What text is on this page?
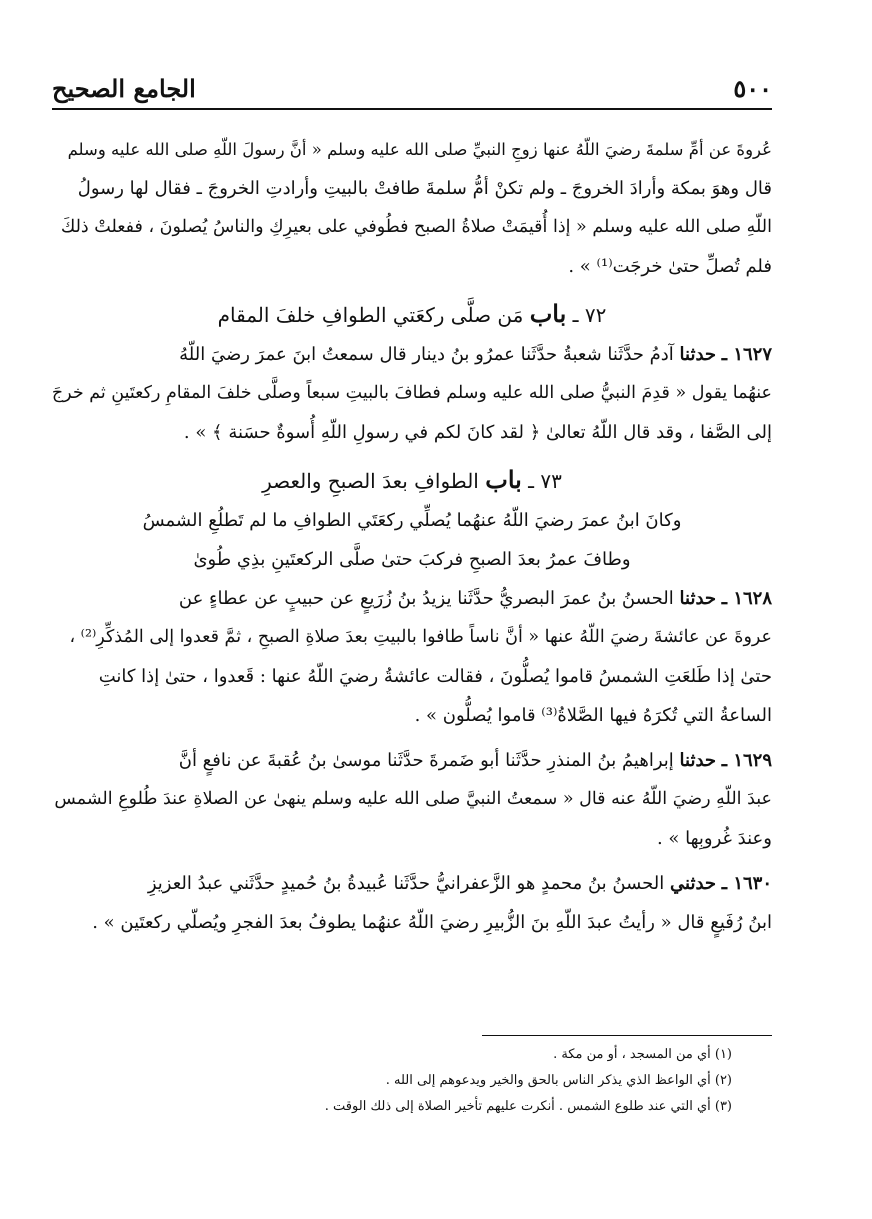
٥٠٠
الجامع الصحيح

عُروةَ عن أمِّ سلمةَ رضيَ اللّهُ عنها زوجِ النبيِّ صلى الله عليه وسلم « أنَّ رسولَ اللّهِ صلى الله عليه وسلم
قال وهوَ بمكة وأرادَ الخروجَ ـ ولم تكنْ أمُّ سلمةَ طافتْ بالبيتِ وأرادتِ الخروجَ ـ فقال لها رسولُ
اللّهِ صلى الله عليه وسلم « إذا أُقيمَتْ صلاةُ الصبح فطُوفي على بعيرِكِ والناسُ يُصلونَ ، ففعلتْ ذلكَ
فلم تُصلِّ حتىٰ خرجَت⁽¹⁾ » .

٧٢ ـ باب مَن صلَّى ركعَتي الطوافِ خلفَ المقام

١٦٢٧ ـ حدثنا آدمُ حدَّثَنا شعبةُ حدَّثَنا عمرُو بنُ دينار قال سمعتُ ابنَ عمرَ رضيَ اللّهُ
عنهُما يقول « قدِمَ النبيُّ صلى الله عليه وسلم فطافَ بالبيتِ سبعاً وصلَّى خلفَ المقامِ ركعتَينِ ثم خرجَ
إلى الصَّفا ، وقد قال اللّهُ تعالىٰ ﴿ لقد كانَ لكم في رسولِ اللّهِ أُسوةٌ حسَنة ﴾ » .

٧٣ ـ باب الطوافِ بعدَ الصبحِ والعصرِ

وكانَ ابنُ عمرَ رضيَ اللّهُ عنهُما يُصلِّي ركعَتَي الطوافِ ما لم تَطلُعِ الشمسُ
وطافَ عمرُ بعدَ الصبحِ فركبَ حتىٰ صلَّى الركعتَينِ بذِي طُوىٰ

١٦٢٨ ـ حدثنا الحسنُ بنُ عمرَ البصريُّ حدَّثَنا يزيدُ بنُ زُرَيعٍ عن حبيبٍ عن عطاءٍ عن
عروةَ عن عائشةَ رضيَ اللّهُ عنها « أنَّ ناساً طافوا بالبيتِ بعدَ صلاةِ الصبحِ ، ثمَّ قعدوا إلى المُذكِّرِ⁽²⁾ ،
حتىٰ إذا طَلعَتِ الشمسُ قاموا يُصلُّونَ ، فقالت عائشةُ رضيَ اللّهُ عنها : قَعدوا ، حتىٰ إذا كانتِ
الساعةُ التي تُكرَهُ فيها الصَّلاةُ⁽³⁾ قاموا يُصلُّون » .

١٦٢٩ ـ حدثنا إبراهيمُ بنُ المنذرِ حدَّثَنا أبو ضَمرةَ حدَّثَنا موسىٰ بنُ عُقبةَ عن نافعٍ أنَّ
عبدَ اللّهِ رضيَ اللّهُ عنه قال « سمعتُ النبيَّ صلى الله عليه وسلم ينهىٰ عن الصلاةِ عندَ طُلوعِ الشمس
وعندَ غُروبِها » .

١٦٣٠ ـ حدثني الحسنُ بنُ محمدٍ هو الزَّعفرانيُّ حدَّثَنا عُبيدةُ بنُ حُميدٍ حدَّثَني عبدُ العزيزِ
ابنُ رُفَيعٍ قال « رأيتُ عبدَ اللّهِ بنَ الزُّبيرِ رضيَ اللّهُ عنهُما يطوفُ بعدَ الفجرِ ويُصلّي ركعتَين » .

(١) أي من المسجد ، أو من مكة .
(٢) أي الواعظ الذي يذكر الناس بالحق والخير ويدعوهم إلى الله .
(٣) أي التي عند طلوع الشمس . أنكرت عليهم تأخير الصلاة إلى ذلك الوقت .
